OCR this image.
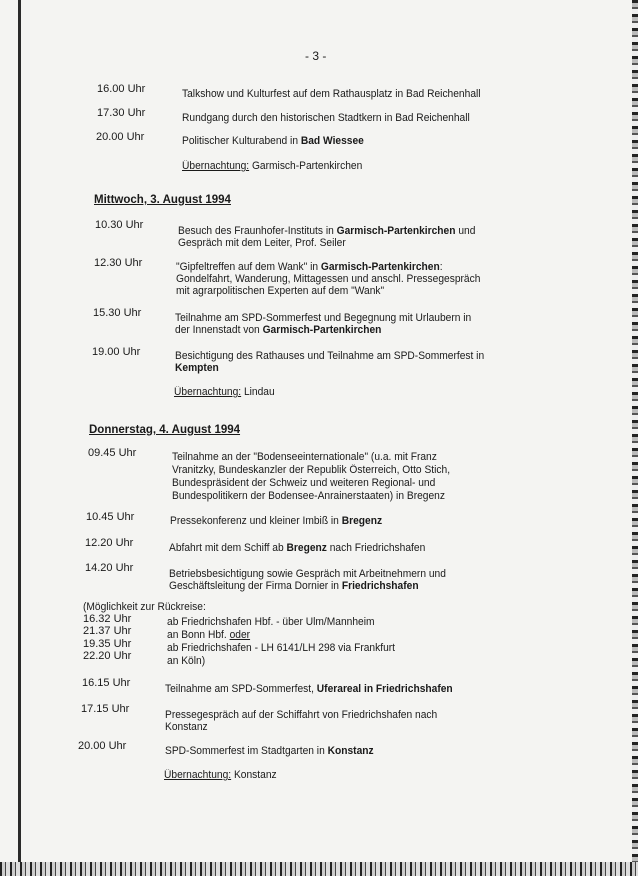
- 3 -
16.00 Uhr	Talkshow und Kulturfest auf dem Rathausplatz in Bad Reichenhall
17.30 Uhr	Rundgang durch den historischen Stadtkern in Bad Reichenhall
20.00 Uhr	Politischer Kulturabend in Bad Wiessee
Übernachtung: Garmisch-Partenkirchen
Mittwoch, 3. August 1994
10.30 Uhr	Besuch des Fraunhofer-Instituts in Garmisch-Partenkirchen und
Gespräch mit dem Leiter, Prof. Seiler
12.30 Uhr	"Gipfeltreffen auf dem Wank" in Garmisch-Partenkirchen:
Gondelfahrt, Wanderung, Mittagessen und anschl. Pressegespräch
mit agrarpolitischen Experten auf dem "Wank"
15.30 Uhr	Teilnahme am SPD-Sommerfest und Begegnung mit Urlaubern in
der Innenstadt von Garmisch-Partenkirchen
19.00 Uhr	Besichtigung des Rathauses und Teilnahme am SPD-Sommerfest in
Kempten
Übernachtung: Lindau
Donnerstag, 4. August 1994
09.45 Uhr	Teilnahme an der "Bodenseeinternationale" (u.a. mit Franz
Vranitzky, Bundeskanzler der Republik Österreich, Otto Stich,
Bundespräsident der Schweiz und weiteren Regional- und
Bundespolitikern der Bodensee-Anrainerstaaten) in Bregenz
10.45 Uhr	Pressekonferenz und kleiner Imbiß in Bregenz
12.20 Uhr	Abfahrt mit dem Schiff ab Bregenz nach Friedrichshafen
14.20 Uhr	Betriebsbesichtigung sowie Gespräch mit Arbeitnehmern und
Geschäftsleitung der Firma Dornier in Friedrichshafen
(Möglichkeit zur Rückreise:
16.32 Uhr	ab Friedrichshafen Hbf. - über Ulm/Mannheim
21.37 Uhr	an Bonn Hbf. oder
19.35 Uhr	ab Friedrichshafen - LH 6141/LH 298 via Frankfurt
22.20 Uhr	an Köln)
16.15 Uhr	Teilnahme am SPD-Sommerfest, Uferareal in Friedrichshafen
17.15 Uhr	Pressegespräch auf der Schiffahrt von Friedrichshafen nach
Konstanz
20.00 Uhr	SPD-Sommerfest im Stadtgarten in Konstanz
Übernachtung: Konstanz
